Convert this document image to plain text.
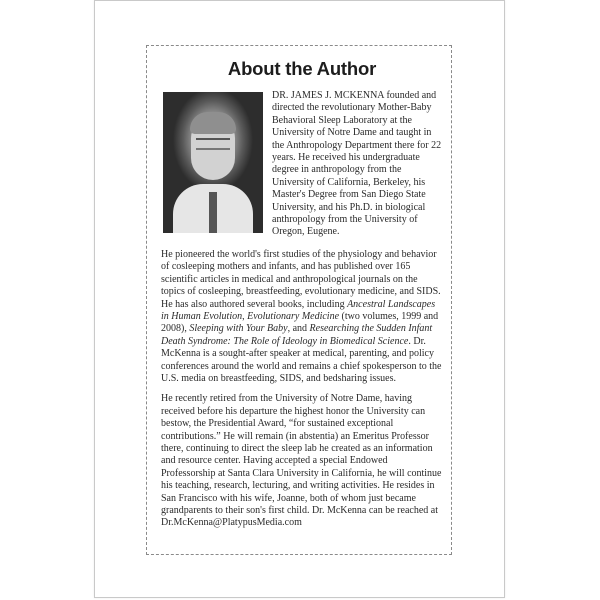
About the Author

DR. JAMES J. MCKENNA founded and directed the revolutionary Mother-Baby Behavioral Sleep Laboratory at the University of Notre Dame and taught in the Anthropology Department there for 22 years. He received his undergraduate degree in anthropology from the University of California, Berkeley, his Master's Degree from San Diego State University, and his Ph.D. in biological anthropology from the University of Oregon, Eugene.

He pioneered the world's first studies of the physiology and behavior of cosleeping mothers and infants, and has published over 165 scientific articles in medical and anthropological journals on the topics of cosleeping, breastfeeding, evolutionary medicine, and SIDS. He has also authored several books, including Ancestral Landscapes in Human Evolution, Evolutionary Medicine (two volumes, 1999 and 2008), Sleeping with Your Baby, and Researching the Sudden Infant Death Syndrome: The Role of Ideology in Biomedical Science. Dr. McKenna is a sought-after speaker at medical, parenting, and policy conferences around the world and remains a chief spokesperson to the U.S. media on breastfeeding, SIDS, and bedsharing issues.

He recently retired from the University of Notre Dame, having received before his departure the highest honor the University can bestow, the Presidential Award, “for sustained exceptional contributions.” He will remain (in abstentia) an Emeritus Professor there, continuing to direct the sleep lab he created as an information and resource center. Having accepted a special Endowed Professorship at Santa Clara University in California, he will continue his teaching, research, lecturing, and writing activities. He resides in San Francisco with his wife, Joanne, both of whom just became grandparents to their son's first child. Dr. McKenna can be reached at Dr.McKenna@PlatypusMedia.com
